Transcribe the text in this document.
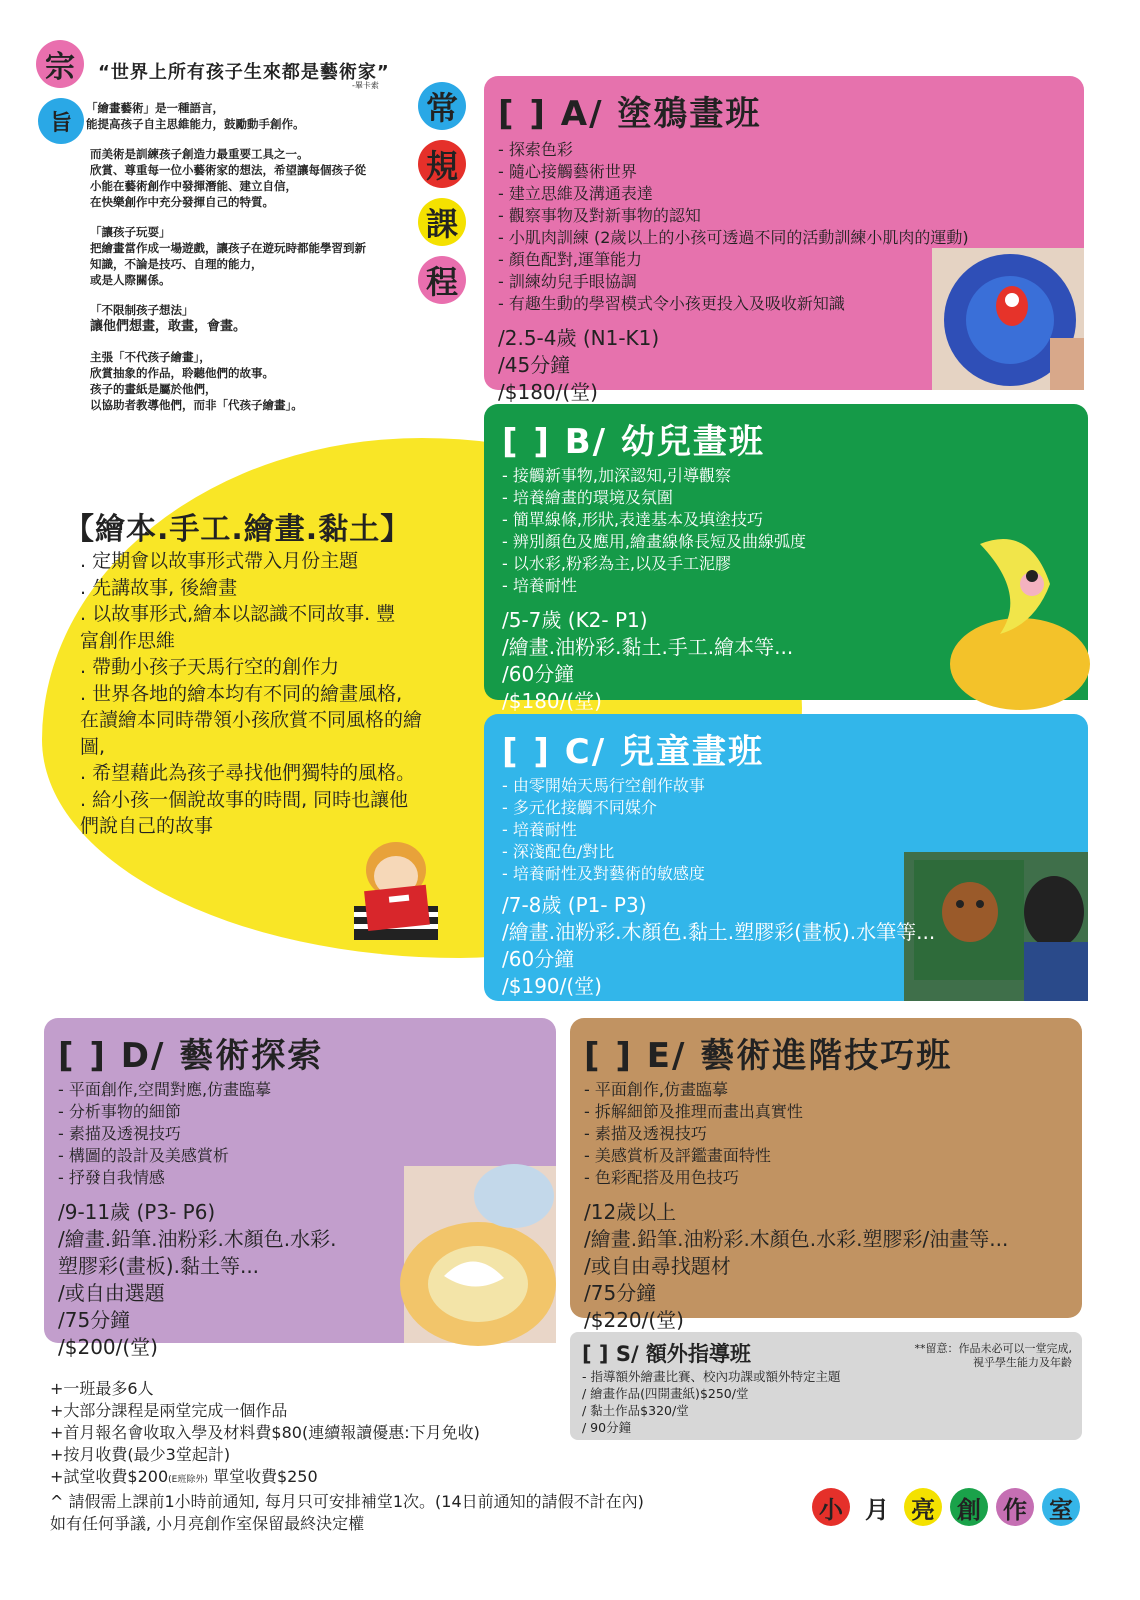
宗
旨
“世界上所有孩子生來都是藝術家”
-畢卡索

「繪畫藝術」是一種語言，
能提高孩子自主思維能力，鼓勵動手創作。

而美術是訓練孩子創造力最重要工具之一。
欣賞、尊重每一位小藝術家的想法，希望讓每個孩子從
小能在藝術創作中發揮潛能、建立自信，
在快樂創作中充分發揮自己的特質。

「讓孩子玩耍」
把繪畫當作成一場遊戲，讓孩子在遊玩時都能學習到新
知識，不論是技巧、自理的能力，
或是人際關係。

「不限制孩子想法」
讓他們想畫，敢畫，會畫。

主張「不代孩子繪畫」，
欣賞抽象的作品，聆聽他們的故事。
孩子的畫紙是屬於他們，
以協助者教導他們，而非「代孩子繪畫」。

常
規
課
程
【繪本.手工.繪畫.黏土】
. 定期會以故事形式帶入月份主題
. 先講故事, 後繪畫
. 以故事形式,繪本以認識不同故事. 豐
富創作思維
. 帶動小孩子天馬行空的創作力
. 世界各地的繪本均有不同的繪畫風格,
在讀繪本同時帶領小孩欣賞不同風格的繪
圖,
. 希望藉此為孩子尋找他們獨特的風格。
. 給小孩一個說故事的時間, 同時也讓他
們說自己的故事
[ ] A/ 塗鴉畫班
- 探索色彩
- 隨心接觸藝術世界
- 建立思維及溝通表達
- 觀察事物及對新事物的認知
- 小肌肉訓練 (2歲以上的小孩可透過不同的活動訓練小肌肉的運動)
- 顏色配對,運筆能力
- 訓練幼兒手眼協調
- 有趣生動的學習模式令小孩更投入及吸收新知識
/2.5-4歲 (N1-K1)
/45分鐘
/$180/(堂)
[ ] B/ 幼兒畫班
- 接觸新事物,加深認知,引導觀察
- 培養繪畫的環境及氛圍
- 簡單線條,形狀,表達基本及填塗技巧
- 辨別顏色及應用,繪畫線條長短及曲線弧度
- 以水彩,粉彩為主,以及手工泥膠
- 培養耐性
/5-7歲 (K2- P1)
/繪畫.油粉彩.黏土.手工.繪本等...
/60分鐘
/$180/(堂)
[ ] C/ 兒童畫班
- 由零開始天馬行空創作故事
- 多元化接觸不同媒介
- 培養耐性
- 深淺配色/對比
- 培養耐性及對藝術的敏感度
/7-8歲 (P1- P3)
/繪畫.油粉彩.木顏色.黏土.塑膠彩(畫板).水筆等...
/60分鐘
/$190/(堂)
[ ] D/ 藝術探索
- 平面創作,空間對應,仿畫臨摹
- 分析事物的細節
- 素描及透視技巧
- 構圖的設計及美感賞析
- 抒發自我情感
/9-11歲 (P3- P6)
/繪畫.鉛筆.油粉彩.木顏色.水彩.
塑膠彩(畫板).黏土等...
/或自由選題
/75分鐘
/$200/(堂)
[ ] E/ 藝術進階技巧班
- 平面創作,仿畫臨摹
- 拆解細節及推理而畫出真實性
- 素描及透視技巧
- 美感賞析及評鑑畫面特性
- 色彩配搭及用色技巧
/12歲以上
/繪畫.鉛筆.油粉彩.木顏色.水彩.塑膠彩/油畫等...
/或自由尋找題材
/75分鐘
/$220/(堂)
[ ] S/ 額外指導班	**留意：作品未必可以一堂完成,
視乎學生能力及年齡
- 指導額外繪畫比賽、校內功課或額外特定主題
/ 繪畫作品(四開畫紙)$250/堂
/ 黏土作品$320/堂
/ 90分鐘
+一班最多6人
+大部分課程是兩堂完成一個作品
+首月報名會收取入學及材料費$80(連續報讀優惠:下月免收)
+按月收費(最少3堂起計)
+試堂收費$200(E班除外) 單堂收費$250
^ 請假需上課前1小時前通知, 每月只可安排補堂1次。(14日前通知的請假不計在內)
如有任何爭議, 小月亮創作室保留最終決定權	小 月 亮 創 作 室
